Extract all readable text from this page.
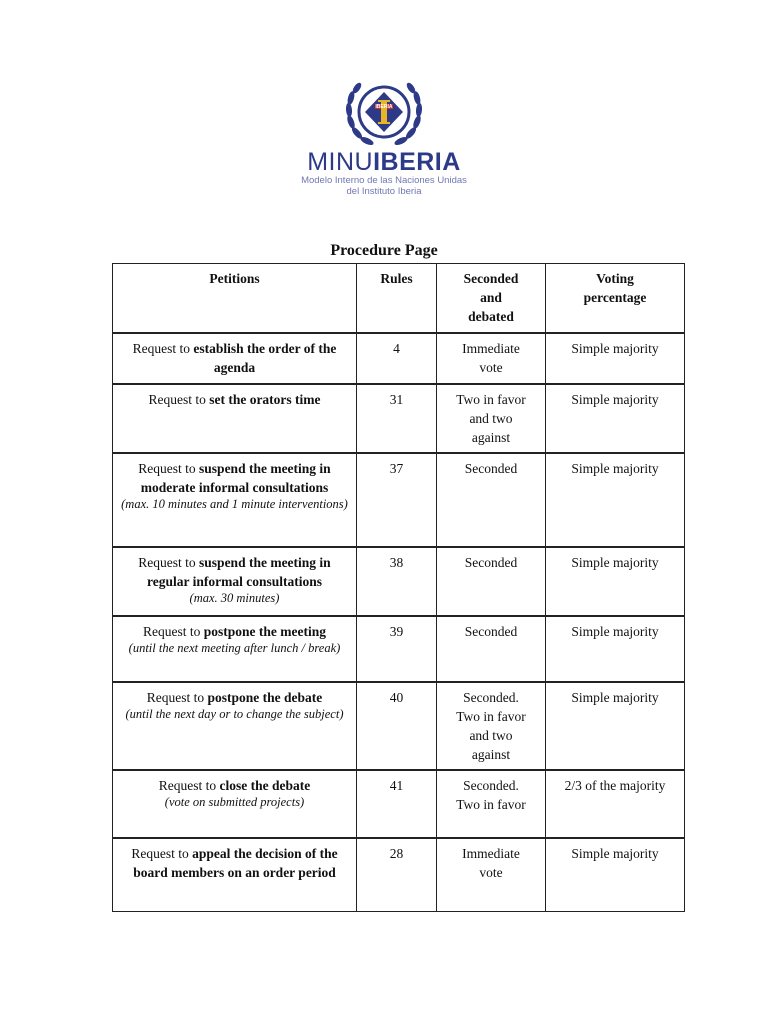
IBERIA
MINUIBERIA
Modelo Interno de las Naciones Unidas
del Instituto Iberia
Procedure Page
Petitions	Rules	Seconded and debated	Voting percentage

Request to establish the order of the agenda	4	Immediate vote	Simple majority
Request to set the orators time	31	Two in favor and two against	Simple majority
Request to suspend the meeting in moderate informal consultations
(max. 10 minutes and 1 minute interventions)	37	Seconded	Simple majority
Request to suspend the meeting in regular informal consultations
(max. 30 minutes)	38	Seconded	Simple majority
Request to postpone the meeting
(until the next meeting after lunch / break)	39	Seconded	Simple majority
Request to postpone the debate
(until the next day or to change the subject)	40	Seconded. Two in favor and two against	Simple majority
Request to close the debate
(vote on submitted projects)	41	Seconded. Two in favor	2/3 of the majority
Request to appeal the decision of the board members on an order period	28	Immediate vote	Simple majority
